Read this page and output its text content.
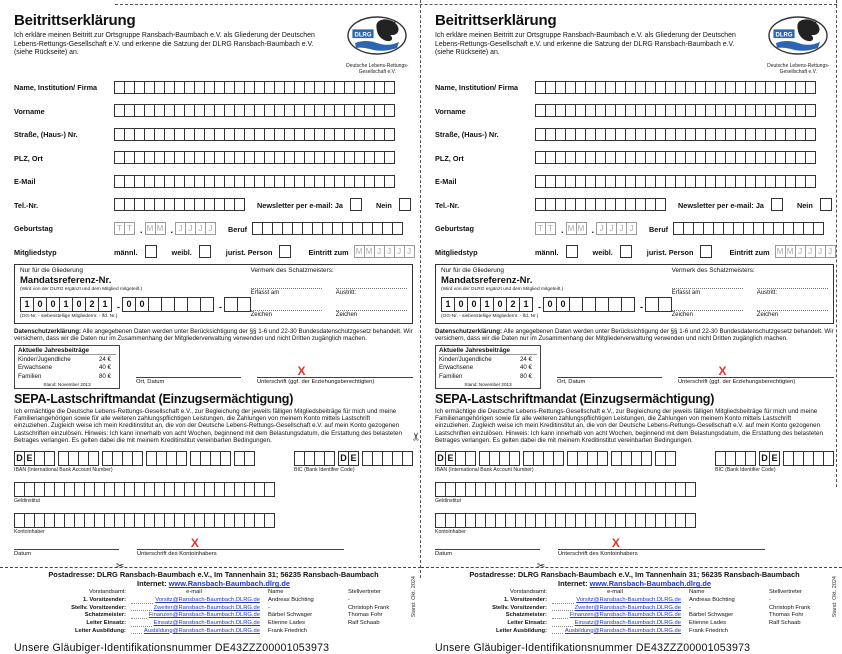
Beitrittserklärung

Ich erkläre meinen Beitritt zur Ortsgruppe Ransbach-Baumbach e.V. als Gliederung der Deutschen Lebens-Rettungs-Gesellschaft e.V. und erkenne die Satzung der DLRG Ransbach-Baumbach e.V. (siehe Rückseite) an.

DLRG
Deutsche Lebens-Rettungs-Gesellschaft e.V.
Name, Institution/ Firma
Vorname
Straße, (Haus-) Nr.
PLZ, Ort
E-Mail
Tel.-Nr.	Newsletter per e-mail: Ja	Nein
Geburtstag	T T . M M . J J J J	Beruf
Mitgliedstyp	männl.	weibl.	jurist. Person	Eintritt zum M M J J J J
Nur für die Gliederung
Mandatsreferenz-Nr.
(Wird von der DLRG ergänzt und dem Mitglied mitgeteilt.)
1 0 0 1 0 2 1 - 0 0	-
(OG-Nr. - siebenstellige Mitgliedernr. - lfd. Nr.)
Vermerk des Schatzmeisters:
Erfasst am	Austritt:
Zeichen	Zeichen

Datenschutzerklärung: Alle angegebenen Daten werden unter Berücksichtigung der §§ 1-6 und 22-30 Bundesdatenschutzgesetz behandelt. Wir versichern, dass wir die Daten nur im Zusammenhang der Mitgliederverwaltung verwenden und nicht Dritten zugänglich machen.

Aktuelle Jahresbeiträge
Kinder/Jugendliche	24 €
Erwachsene	40 €
Familien	80 €
Stand: November 2013	Ort, Datum
X
Unterschrift (ggf. der Erziehungsberechtigten)
SEPA-Lastschriftmandat (Einzugsermächtigung)

Ich ermächtige die Deutsche Lebens-Rettungs-Gesellschaft e.V., zur Begleichung der jeweils fälligen Mitgliedsbeiträge für mich und meine Familienangehörigen sowie für alle weiteren zahlungspflichtigen Leistungen, die Zahlungen von meinem Konto mittels Lastschrift einzuziehen. Zugleich weise ich mein Kreditinstitut an, die von der Deutsche Lebens-Rettungs-Gesellschaft e.V. auf mein Konto gezogenen Lastschriften einzulösen. Hinweis: Ich kann innerhalb von acht Wochen, beginnend mit dem Belastungsdatum, die Erstattung des belasteten Betrages verlangen. Es gelten dabei die mit meinem Kreditinstitut vereinbarten Bedingungen.

D E
IBAN (International Bank Account Number)
D E
BIC (Bank Identifier Code)
Geldinstitut
Kontoinhaber
Datum
X
Unterschrift des Kontoinhabers
✂
Postadresse: DLRG Ransbach-Baumbach e.V., Im Tannenhain 31; 56235 Ransbach-Baumbach
Internet: www.Ransbach-Baumbach.dlrg.de
Vorstandsamt:	e-mail	Name	Stellvertreter
1. Vorsitzender:	Vorsitz@Ransbach-Baumbach.DLRG.de	Andreas Büchting	-
Stellv. Vorsitzender:	Zweiter@Ransbach-Baumbach.DLRG.de	-	Christoph Frank
Schatzmeister:	Finanzen@Ransbach-Baumbach.DLRG.de	Bärbel Schwager	Thomas Fohr
Leiter Einsatz:	Einsatz@Ransbach-Baumbach.DLRG.de	Etienne Lades	Ralf Schaab
Leiter Ausbildung:	Ausbildung@Ransbach-Baumbach.DLRG.de	Frank Friedrich
Stand: Okt. 2024
Unsere Gläubiger-Identifikationsnummer DE43ZZZ00001053973
Beitrittserklärung

Ich erkläre meinen Beitritt zur Ortsgruppe Ransbach-Baumbach e.V. als Gliederung der Deutschen Lebens-Rettungs-Gesellschaft e.V. und erkenne die Satzung der DLRG Ransbach-Baumbach e.V. (siehe Rückseite) an.

DLRG
Deutsche Lebens-Rettungs-Gesellschaft e.V.
Name, Institution/ Firma
Vorname
Straße, (Haus-) Nr.
PLZ, Ort
E-Mail
Tel.-Nr.	Newsletter per e-mail: Ja	Nein
Geburtstag	T T . M M . J J J J	Beruf
Mitgliedstyp	männl.	weibl.	jurist. Person	Eintritt zum M M J J J J
Nur für die Gliederung
Mandatsreferenz-Nr.
(Wird von der DLRG ergänzt und dem Mitglied mitgeteilt.)
1 0 0 1 0 2 1 - 0 0	-
(OG-Nr. - siebenstellige Mitgliedernr. - lfd. Nr.)
Vermerk des Schatzmeisters:
Erfasst am	Austritt:
Zeichen	Zeichen

Datenschutzerklärung: Alle angegebenen Daten werden unter Berücksichtigung der §§ 1-6 und 22-30 Bundesdatenschutzgesetz behandelt. Wir versichern, dass wir die Daten nur im Zusammenhang der Mitgliederverwaltung verwenden und nicht Dritten zugänglich machen.

Aktuelle Jahresbeiträge
Kinder/Jugendliche	24 €
Erwachsene	40 €
Familien	80 €
Stand: November 2013	Ort, Datum
X
Unterschrift (ggf. der Erziehungsberechtigten)
SEPA-Lastschriftmandat (Einzugsermächtigung)

Ich ermächtige die Deutsche Lebens-Rettungs-Gesellschaft e.V., zur Begleichung der jeweils fälligen Mitgliedsbeiträge für mich und meine Familienangehörigen sowie für alle weiteren zahlungspflichtigen Leistungen, die Zahlungen von meinem Konto mittels Lastschrift einzuziehen. Zugleich weise ich mein Kreditinstitut an, die von der Deutsche Lebens-Rettungs-Gesellschaft e.V. auf mein Konto gezogenen Lastschriften einzulösen. Hinweis: Ich kann innerhalb von acht Wochen, beginnend mit dem Belastungsdatum, die Erstattung des belasteten Betrages verlangen. Es gelten dabei die mit meinem Kreditinstitut vereinbarten Bedingungen.

D E
IBAN (International Bank Account Number)
D E
BIC (Bank Identifier Code)
Geldinstitut
Kontoinhaber
Datum
X
Unterschrift des Kontoinhabers
✂
Postadresse: DLRG Ransbach-Baumbach e.V., Im Tannenhain 31; 56235 Ransbach-Baumbach
Internet: www.Ransbach-Baumbach.dlrg.de
Vorstandsamt:	e-mail	Name	Stellvertreter
1. Vorsitzender:	Vorsitz@Ransbach-Baumbach.DLRG.de	Andreas Büchting	-
Stellv. Vorsitzender:	Zweiter@Ransbach-Baumbach.DLRG.de	-	Christoph Frank
Schatzmeister:	Finanzen@Ransbach-Baumbach.DLRG.de	Bärbel Schwager	Thomas Fohr
Leiter Einsatz:	Einsatz@Ransbach-Baumbach.DLRG.de	Etienne Lades	Ralf Schaab
Leiter Ausbildung:	Ausbildung@Ransbach-Baumbach.DLRG.de	Frank Friedrich
Stand: Okt. 2024
Unsere Gläubiger-Identifikationsnummer DE43ZZZ00001053973
✂
